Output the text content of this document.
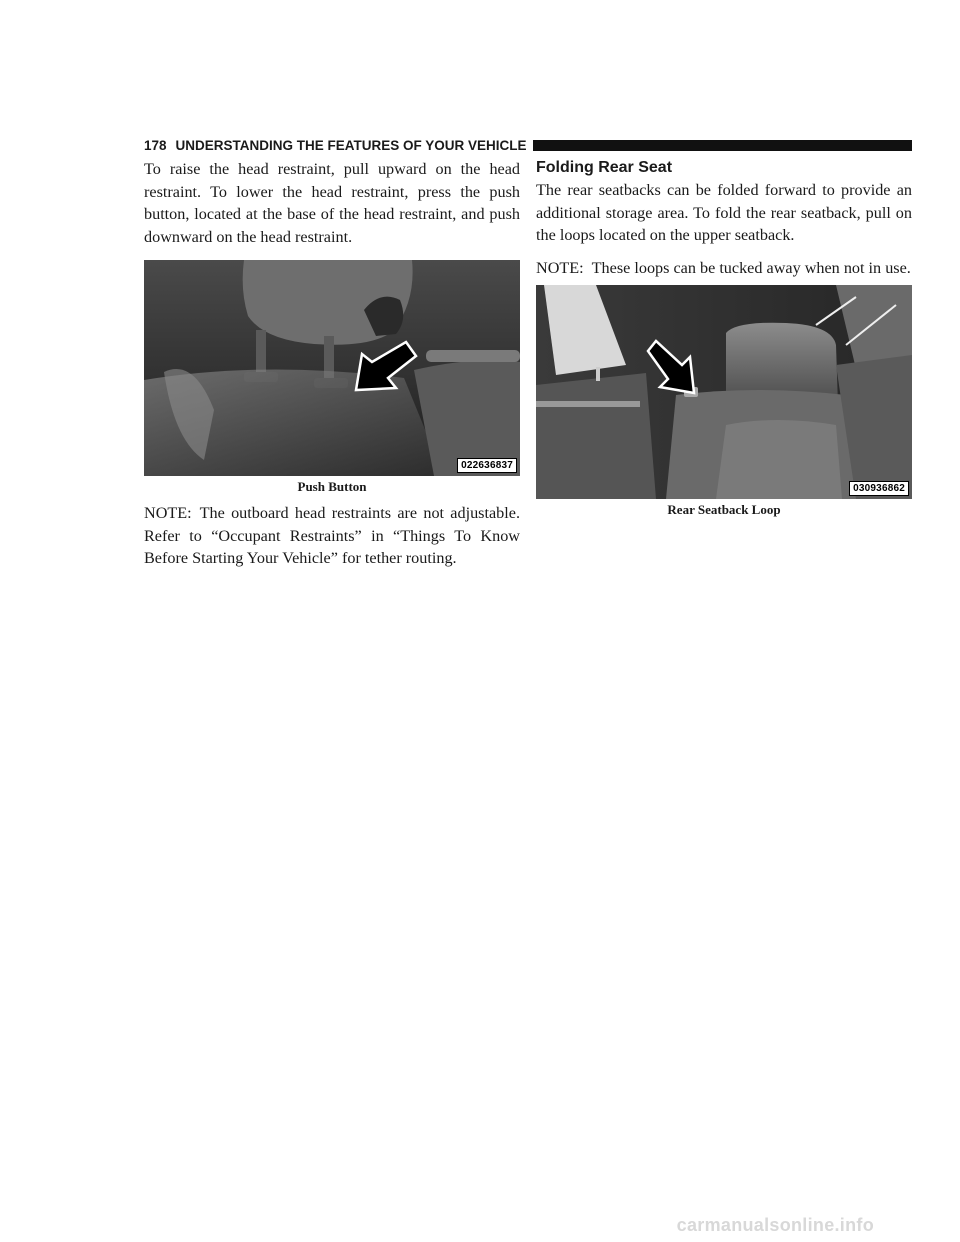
178 UNDERSTANDING THE FEATURES OF YOUR VEHICLE

To raise the head restraint, pull upward on the head restraint. To lower the head restraint, press the push button, located at the base of the head restraint, and push downward on the head restraint.

022636837
Push Button

NOTE: The outboard head restraints are not adjustable. Refer to “Occupant Restraints” in “Things To Know Before Starting Your Vehicle” for tether routing.

Folding Rear Seat

The rear seatbacks can be folded forward to provide an additional storage area. To fold the rear seatback, pull on the loops located on the upper seatback.

NOTE: These loops can be tucked away when not in use.

030936862
Rear Seatback Loop
carmanualsonline.info
